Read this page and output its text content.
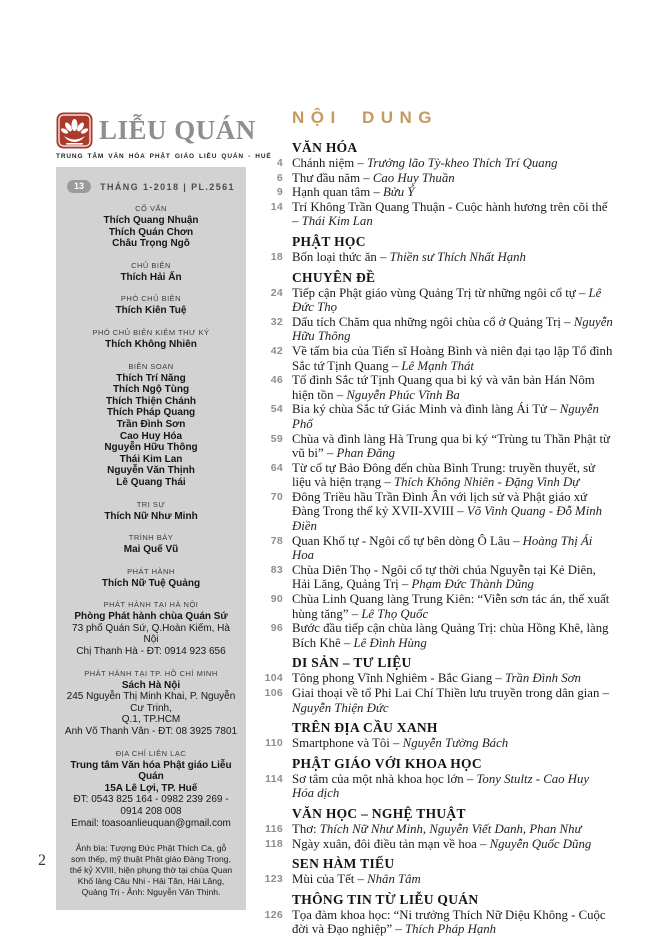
LIỄU QUÁN
TRUNG TÂM VĂN HÓA PHẬT GIÁO LIỄU QUÁN - HUẾ
13	THÁNG 1-2018 | PL.2561
CỐ VẤN
Thích Quang Nhuận
Thích Quán Chơn
Châu Trọng Ngô
CHỦ BIÊN
Thích Hải Ấn
PHÓ CHỦ BIÊN
Thích Kiên Tuệ
PHÓ CHỦ BIÊN KIÊM THƯ KÝ
Thích Không Nhiên
BIÊN SOẠN
Thích Trí Năng
Thích Ngộ Tùng
Thích Thiện Chánh
Thích Pháp Quang
Trần Đình Sơn
Cao Huy Hóa
Nguyễn Hữu Thông
Thái Kim Lan
Nguyễn Văn Thịnh
Lê Quang Thái
TRỊ SỰ
Thích Nữ Như Minh
TRÌNH BÀY
Mai Quế Vũ
PHÁT HÀNH
Thích Nữ Tuệ Quảng
PHÁT HÀNH TẠI HÀ NỘI
Phòng Phát hành chùa Quán Sứ
73 phố Quán Sứ, Q.Hoàn Kiếm, Hà Nội
Chị Thanh Hà - ĐT: 0914 923 656
PHÁT HÀNH TẠI TP. HỒ CHÍ MINH
Sách Hà Nội
245 Nguyễn Thị Minh Khai, P. Nguyễn Cư Trinh,
Q.1, TP.HCM
Anh Võ Thanh Vân - ĐT: 08 3925 7801
ĐỊA CHỈ LIÊN LẠC
Trung tâm Văn hóa Phật giáo Liễu Quán
15A Lê Lợi, TP. Huế
ĐT: 0543 825 164 - 0982 239 269 - 0914 208 008
Email: toasoanlieuquan@gmail.com
Ảnh bìa: Tượng Đức Phật Thích Ca, gỗ sơn thếp, mỹ thuật Phật giáo Đàng Trong, thế kỷ XVIII, hiện phụng thờ tại chùa Quan Khố làng Câu Nhi - Hải Tân, Hải Lăng, Quảng Trị - Ảnh: Nguyễn Văn Thịnh.
2
NỘI DUNG
VĂN HÓA
4 Chánh niệm – Trưởng lão Tỳ-kheo Thích Trí Quang
6 Thư đầu năm – Cao Huy Thuần
9 Hạnh quan tâm – Bửu Ý
14 Trí Không Trần Quang Thuận - Cuộc hành hương trên cõi thế – Thái Kim Lan
PHẬT HỌC
18 Bốn loại thức ăn – Thiền sư Thích Nhất Hạnh
CHUYÊN ĐỀ
24 Tiếp cận Phật giáo vùng Quảng Trị từ những ngôi cổ tự – Lê Đức Thọ
32 Dấu tích Chăm qua những ngôi chùa cổ ở Quảng Trị – Nguyễn Hữu Thông
42 Về tấm bia của Tiến sĩ Hoàng Bình và niên đại tạo lập Tổ đình Sắc tứ Tịnh Quang – Lê Mạnh Thát
46 Tổ đình Sắc tứ Tịnh Quang qua bi ký và văn bản Hán Nôm hiện tồn – Nguyễn Phúc Vĩnh Ba
54 Bia ký chùa Sắc tứ Giác Minh và đình làng Ái Tử – Nguyễn Phố
59 Chùa và đình làng Hà Trung qua bi ký “Trùng tu Thần Phật từ vũ bi” – Phan Đăng
64 Từ cổ tự Bảo Đông đến chùa Bình Trung: truyền thuyết, sử liệu và hiện trạng – Thích Không Nhiên - Đặng Vinh Dự
70 Đông Triều hầu Trần Đình Ân với lịch sử và Phật giáo xứ Đàng Trong thế kỷ XVII-XVIII – Võ Vinh Quang - Đỗ Minh Điền
78 Quan Khố tự - Ngôi cổ tự bên dòng Ô Lâu – Hoàng Thị Ái Hoa
83 Chùa Diên Thọ - Ngôi cổ tự thời chúa Nguyễn tại Kẻ Diên, Hải Lăng, Quảng Trị – Phạm Đức Thành Dũng
90 Chùa Linh Quang làng Trung Kiên: “Viễn sơn tác án, thế xuất hùng tăng” – Lê Thọ Quốc
96 Bước đầu tiếp cận chùa làng Quảng Trị: chùa Hồng Khê, làng Bích Khê – Lê Đình Hùng
DI SẢN – TƯ LIỆU
104 Tông phong Vĩnh Nghiêm - Bắc Giang – Trần Đình Sơn
106 Giai thoại về tổ Phi Lai Chí Thiền lưu truyền trong dân gian – Nguyễn Thiện Đức
TRÊN ĐỊA CẦU XANH
110 Smartphone và Tôi – Nguyễn Tường Bách
PHẬT GIÁO VỚI KHOA HỌC
114 Sơ tâm của một nhà khoa học lớn – Tony Stultz - Cao Huy Hóa dịch
VĂN HỌC – NGHỆ THUẬT
116 Thơ: Thích Nữ Như Minh, Nguyễn Viết Danh, Phan Như
118 Ngày xuân, đôi điều tản mạn về hoa – Nguyễn Quốc Dũng
SEN HÀM TIẾU
123 Mùi của Tết – Nhân Tâm
THÔNG TIN TỪ LIỄU QUÁN
126 Tọa đàm khoa học: “Ni trưởng Thích Nữ Diệu Không - Cuộc đời và Đạo nghiệp” – Thích Pháp Hạnh
